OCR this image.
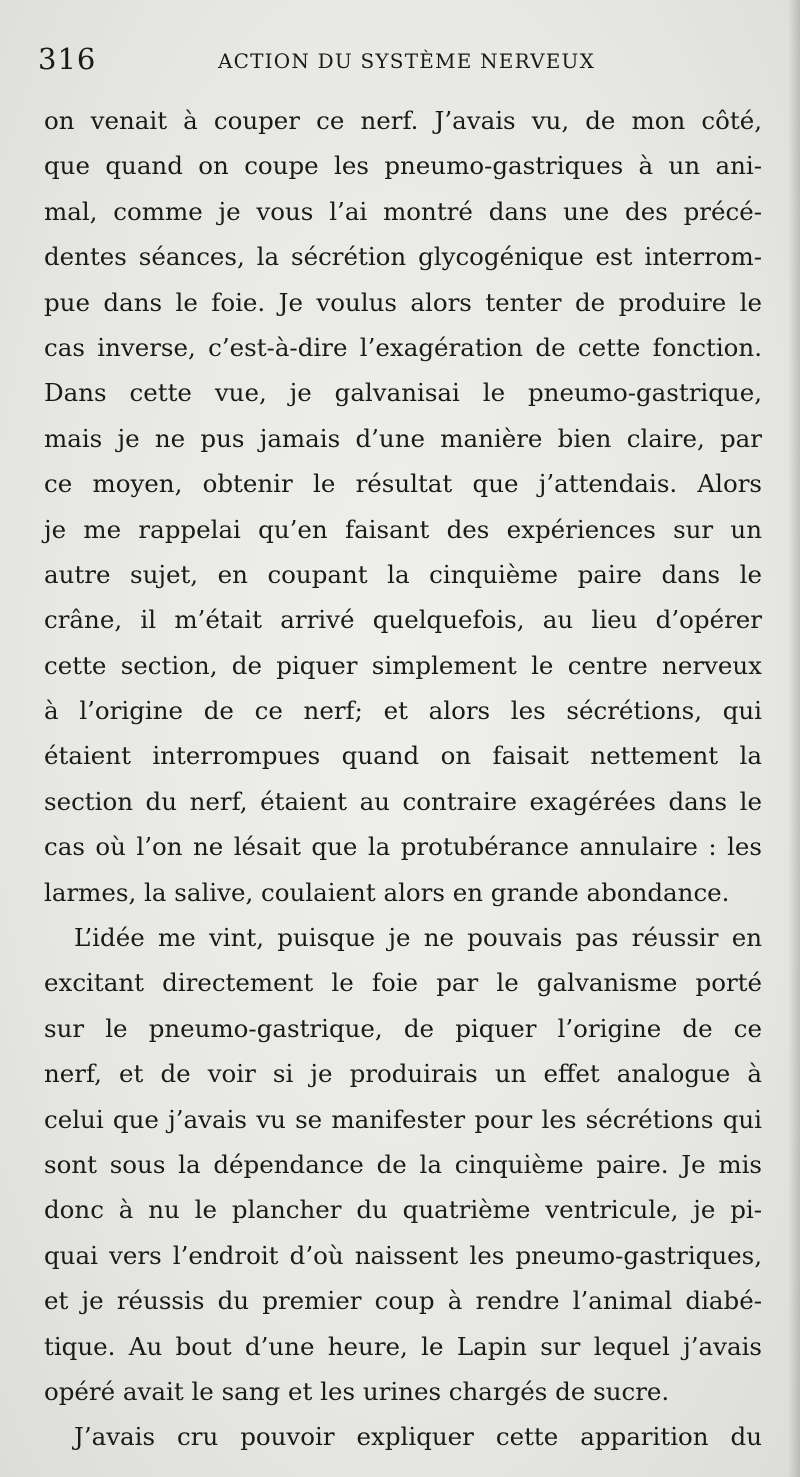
316	ACTION DU SYSTÈME NERVEUX
on venait à couper ce nerf. J’avais vu, de mon côté,
que quand on coupe les pneumo-gastriques à un ani-
mal, comme je vous l’ai montré dans une des précé-
dentes séances, la sécrétion glycogénique est interrom-
pue dans le foie. Je voulus alors tenter de produire le
cas inverse, c’est-à-dire l’exagération de cette fonction.
Dans cette vue, je galvanisai le pneumo-gastrique,
mais je ne pus jamais d’une manière bien claire, par
ce moyen, obtenir le résultat que j’attendais. Alors
je me rappelai qu’en faisant des expériences sur un
autre sujet, en coupant la cinquième paire dans le
crâne, il m’était arrivé quelquefois, au lieu d’opérer
cette section, de piquer simplement le centre nerveux
à l’origine de ce nerf; et alors les sécrétions, qui
étaient interrompues quand on faisait nettement la
section du nerf, étaient au contraire exagérées dans le
cas où l’on ne lésait que la protubérance annulaire : les
larmes, la salive, coulaient alors en grande abondance.
L’idée me vint, puisque je ne pouvais pas réussir en
excitant directement le foie par le galvanisme porté
sur le pneumo-gastrique, de piquer l’origine de ce
nerf, et de voir si je produirais un effet analogue à
celui que j’avais vu se manifester pour les sécrétions qui
sont sous la dépendance de la cinquième paire. Je mis
donc à nu le plancher du quatrième ventricule, je pi-
quai vers l’endroit d’où naissent les pneumo-gastriques,
et je réussis du premier coup à rendre l’animal diabé-
tique. Au bout d’une heure, le Lapin sur lequel j’avais
opéré avait le sang et les urines chargés de sucre.
J’avais cru pouvoir expliquer cette apparition du
